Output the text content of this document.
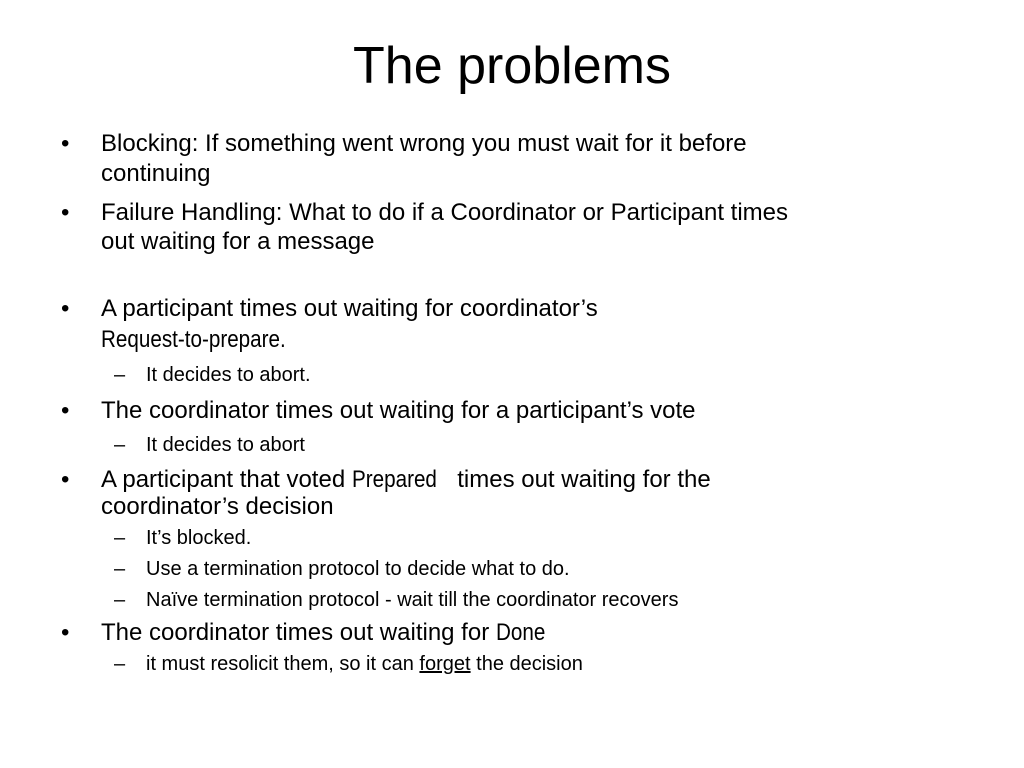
The problems
• Blocking: If something went wrong you must wait for it before
continuing
• Failure Handling: What to do if a Coordinator or Participant times
out waiting for a message
• A participant times out waiting for coordinator’s
Request-to-prepare.
– It decides to abort.
• The coordinator times out waiting for a participant’s vote
– It decides to abort
• A participant that voted Prepared times out waiting for the
coordinator’s decision
– It’s blocked.
– Use a termination protocol to decide what to do.
– Naïve termination protocol - wait till the coordinator recovers
• The coordinator times out waiting for Done
– it must resolicit them, so it can forget the decision
